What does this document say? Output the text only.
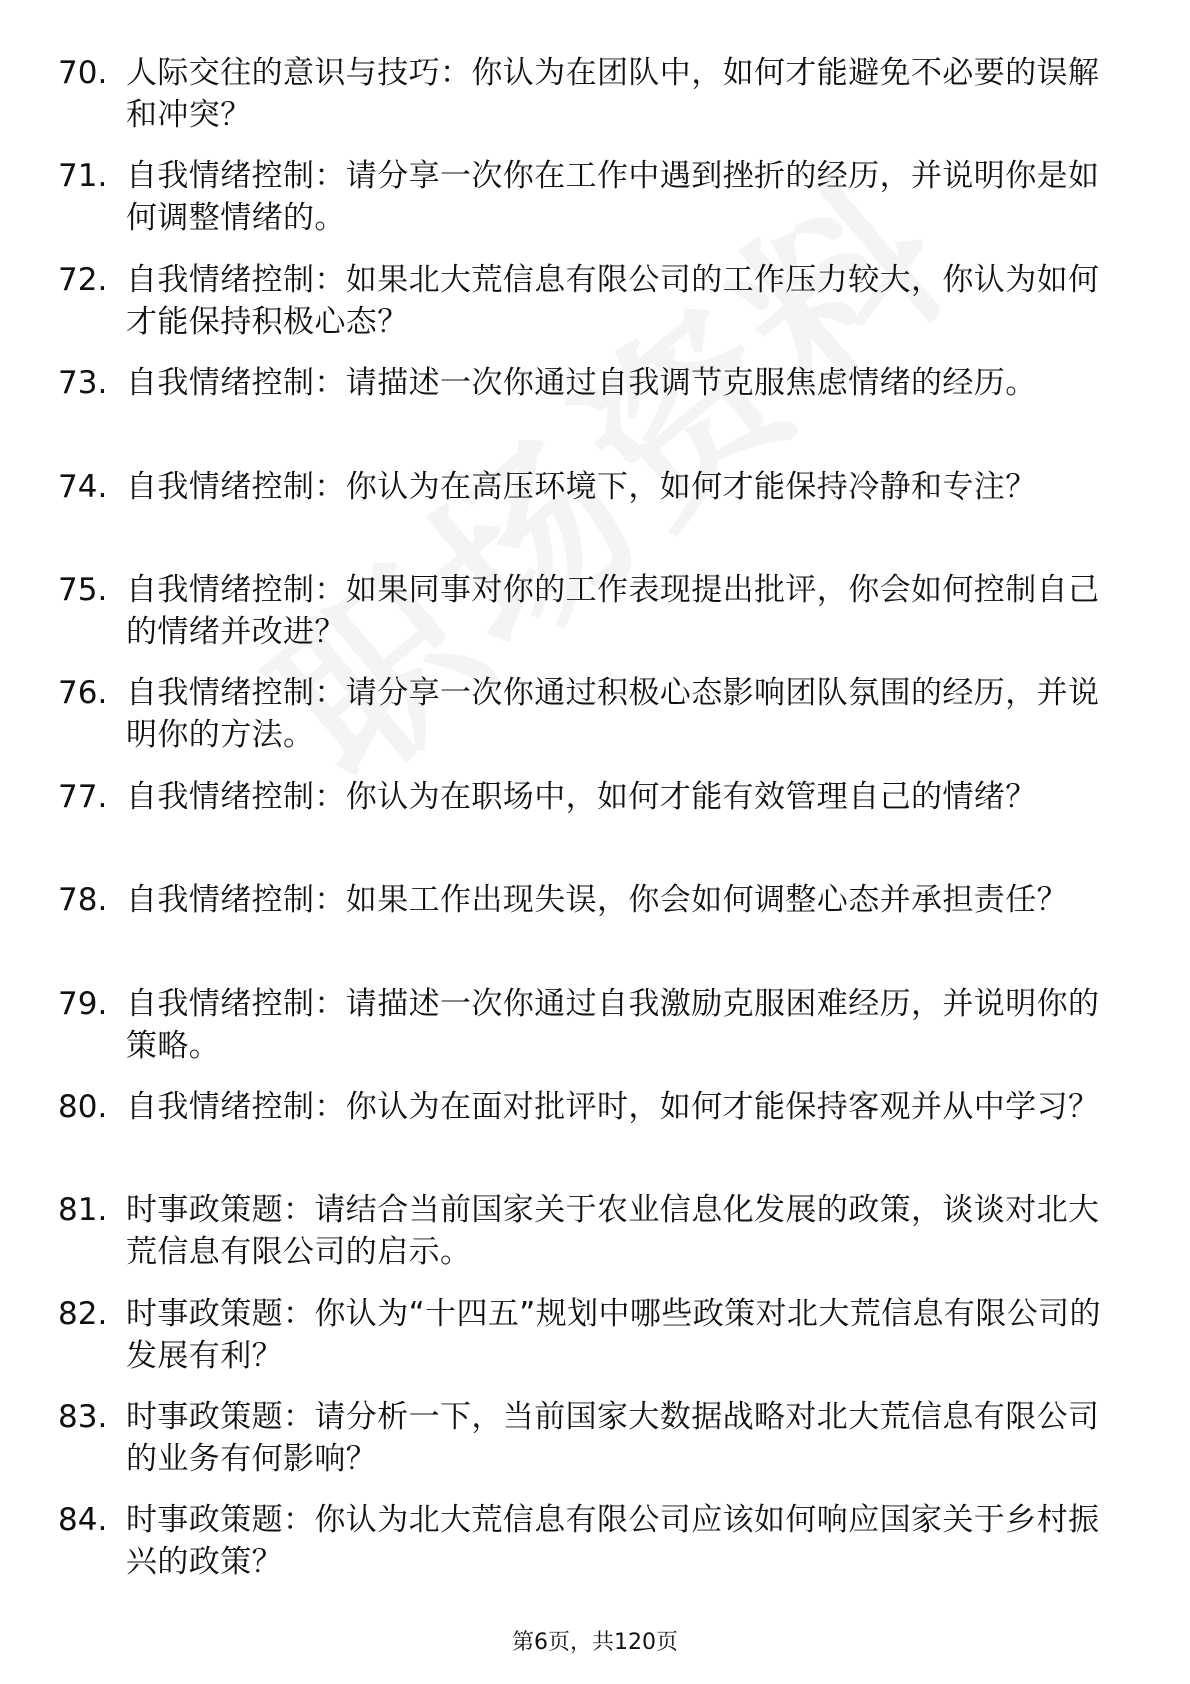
70. 人际交往的意识与技巧：你认为在团队中，如何才能避免不必要的误解和冲突？
71. 自我情绪控制：请分享一次你在工作中遇到挫折的经历，并说明你是如何调整情绪的。
72. 自我情绪控制：如果北大荒信息有限公司的工作压力较大，你认为如何才能保持积极心态？
73. 自我情绪控制：请描述一次你通过自我调节克服焦虑情绪的经历。
74. 自我情绪控制：你认为在高压环境下，如何才能保持冷静和专注？
75. 自我情绪控制：如果同事对你的工作表现提出批评，你会如何控制自己的情绪并改进？
76. 自我情绪控制：请分享一次你通过积极心态影响团队氛围的经历，并说明你的方法。
77. 自我情绪控制：你认为在职场中，如何才能有效管理自己的情绪？
78. 自我情绪控制：如果工作出现失误，你会如何调整心态并承担责任？
79. 自我情绪控制：请描述一次你通过自我激励克服困难经历，并说明你的策略。
80. 自我情绪控制：你认为在面对批评时，如何才能保持客观并从中学习？
81. 时事政策题：请结合当前国家关于农业信息化发展的政策，谈谈对北大荒信息有限公司的启示。
82. 时事政策题：你认为“十四五”规划中哪些政策对北大荒信息有限公司的发展有利？
83. 时事政策题：请分析一下，当前国家大数据战略对北大荒信息有限公司的业务有何影响？
84. 时事政策题：你认为北大荒信息有限公司应该如何响应国家关于乡村振兴的政策？
第6页，共120页
